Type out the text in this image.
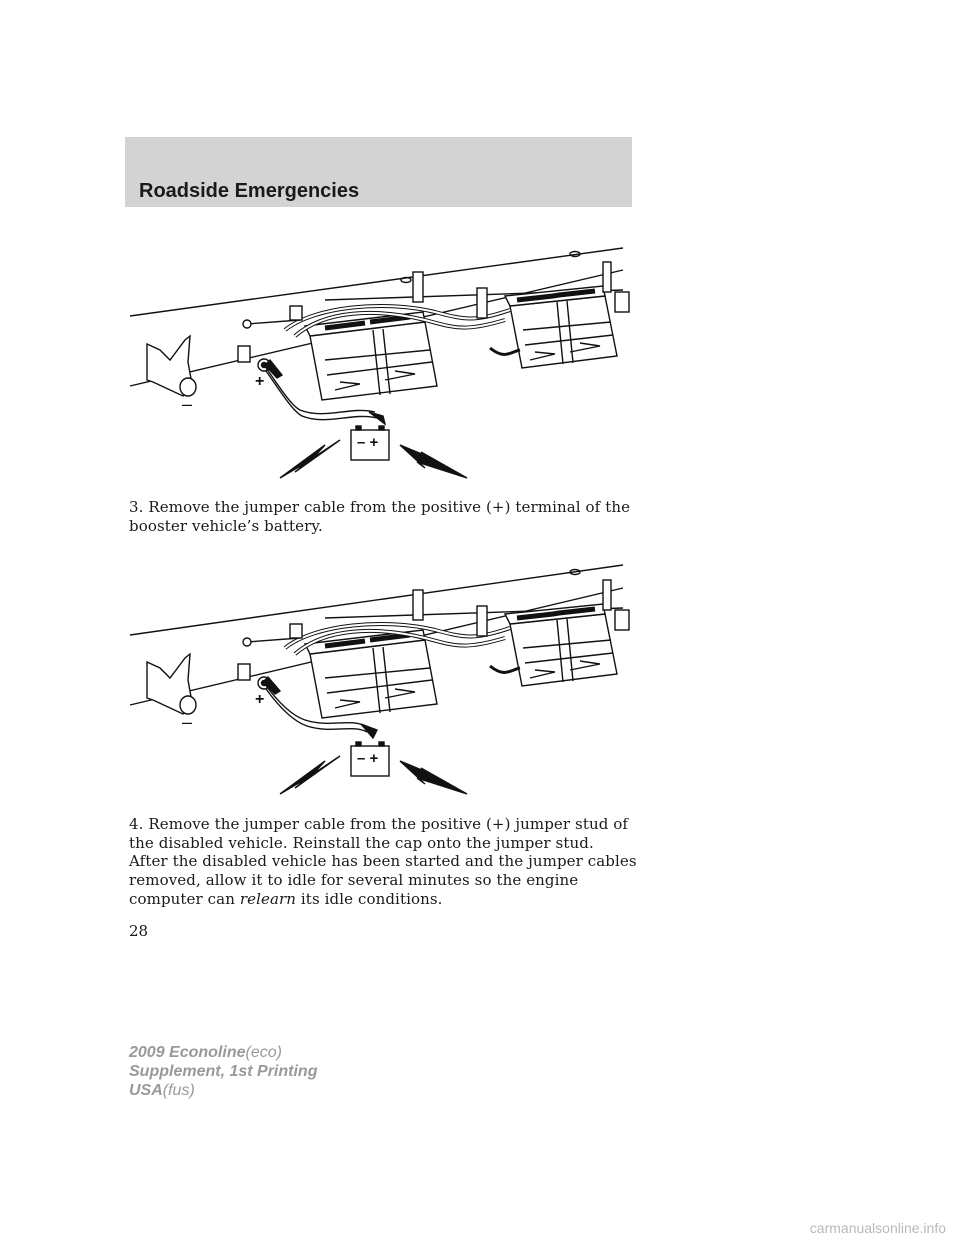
Roadside Emergencies
–
+
– +
3. Remove the jumper cable from the positive (+) terminal of the booster vehicle’s battery.
–
+
– +
4. Remove the jumper cable from the positive (+) jumper stud of the disabled vehicle. Reinstall the cap onto the jumper stud.
After the disabled vehicle has been started and the jumper cables removed, allow it to idle for several minutes so the engine computer can relearn its idle conditions.
28
2009 Econoline(eco)
Supplement, 1st Printing
USA(fus)
carmanualsonline.info
